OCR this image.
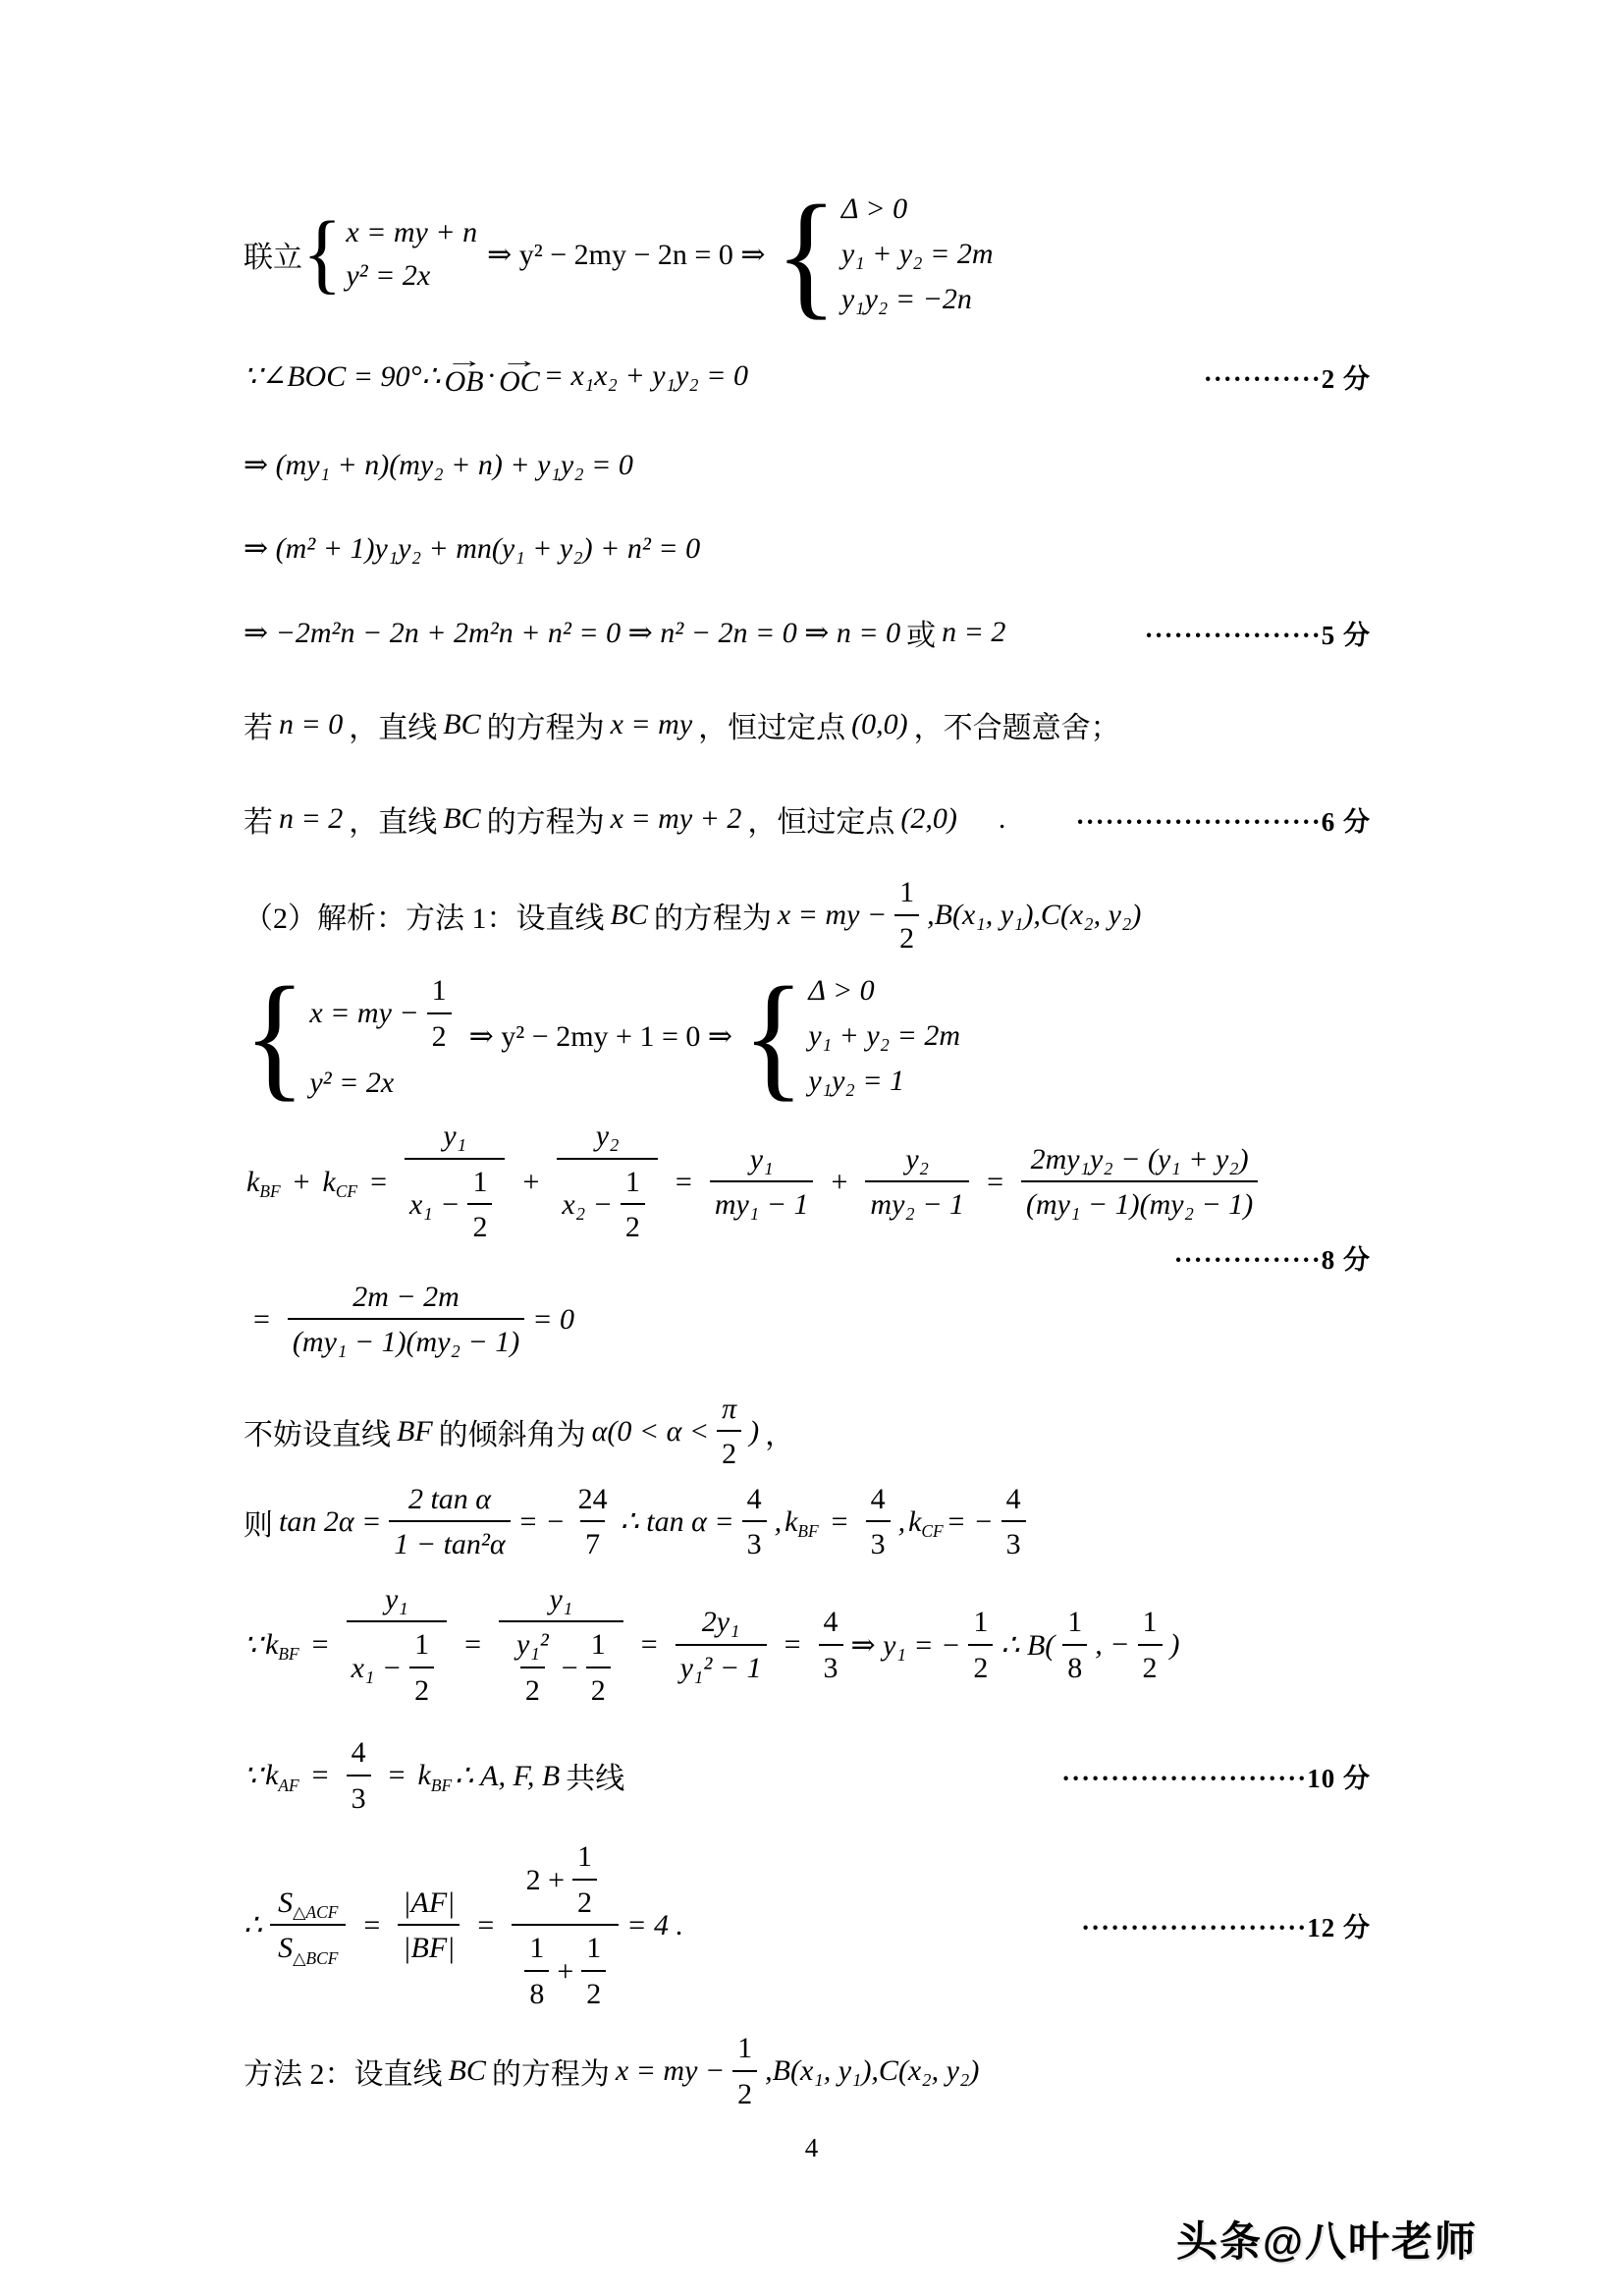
联立 { x = my + n
y² = 2x
⇒ y² − 2my − 2n = 0 ⇒ { Δ > 0
y₁ + y₂ = 2m
y₁y₂ = −2n
∵∠BOC = 90°∴ →
OB · →
OC = x₁x₂ + y₁y₂ = 0	············2 分
⇒ (my₁ + n)(my₂ + n) + y₁y₂ = 0
⇒ (m² + 1)y₁y₂ + mn(y₁ + y₂) + n² = 0
⇒ −2m²n − 2n + 2m²n + n² = 0 ⇒ n² − 2n = 0 ⇒ n = 0 或 n = 2	··················5 分
若 n = 0 ，直线 BC 的方程为 x = my ，恒过定点 (0,0) ，不合题意舍；
若 n = 2 ，直线 BC 的方程为 x = my + 2 ，恒过定点 (2,0) .	·························6 分
（2）解析：方法 1：设直线 BC 的方程为 x = my − $\frac{1}{2} ,B(x_1$, y₁),C(x₂, y₂)
{ x = my − $\frac{1}{2}$
y² = 2x
⇒ y² − 2my + 1 = 0 ⇒ { Δ > 0
y₁ + y₂ = 2m
y₁y₂ = 1
$k_{BF} + k_{CF} = \frac{\text{y₁}}{x_1 - \frac{1}{2}} + \frac{\text{y₂}}{x_2 - \frac{1}{2}} = \frac{\text{y₁}}{\text{my₁ − 1}} + \frac{\text{y₂}}{\text{my₂ − 1}} = \frac{\text{2my₁y₂ − (y₁ + y₂)}}{\text{(my₁ − 1)(my₂ − 1)}}$
···············8 分
= $\frac{2m - 2m}{\text{(my₁ − 1)(my₂ − 1)}} = 0$
不妨设直线 BF 的倾斜角为 α(0 < α <
π
2
) ，
则 $\tan 2\alpha = \frac{\text{2 tan α}}{\text{1 − tan²α}}$ = − $\frac{24}{7}$ ∴ $\tan \alpha = \frac{4}{3}$ , $k_{BF} = \frac{4}{3}$ , $k_{CF}$ = − $\frac{4}{3}$
∵ $k_{BF} = \frac{\text{y₁}}{x_1 - \frac{1}{2}} = y_1$
y₁²
2
− $\frac{1}{2} = \frac{\text{2y₁}}{\text{y₁² − 1}} = \frac{4}{3}$ ⇒ y₁ = − $\frac{1}{2}$ ∴ B(
1
8
, − $\frac{1}{2}$ )
∵ $k_{AF} = \frac{4}{3} = k_{BF}$ ∴ A, F, B 共线	·························10 分
∴
$S_{\triangle ACF}$
$S_{\triangle BCF}$
= $\frac{|AF|}{|BF|} = 2 + \frac{1}{2}$
1
8
+ $\frac{1}{2} = 4$ .	·······················12 分
方法 2：设直线 BC 的方程为 x = my − $\frac{1}{2} ,B(x_1$, y₁),C(x₂, y₂)
4
头条@八叶老师
